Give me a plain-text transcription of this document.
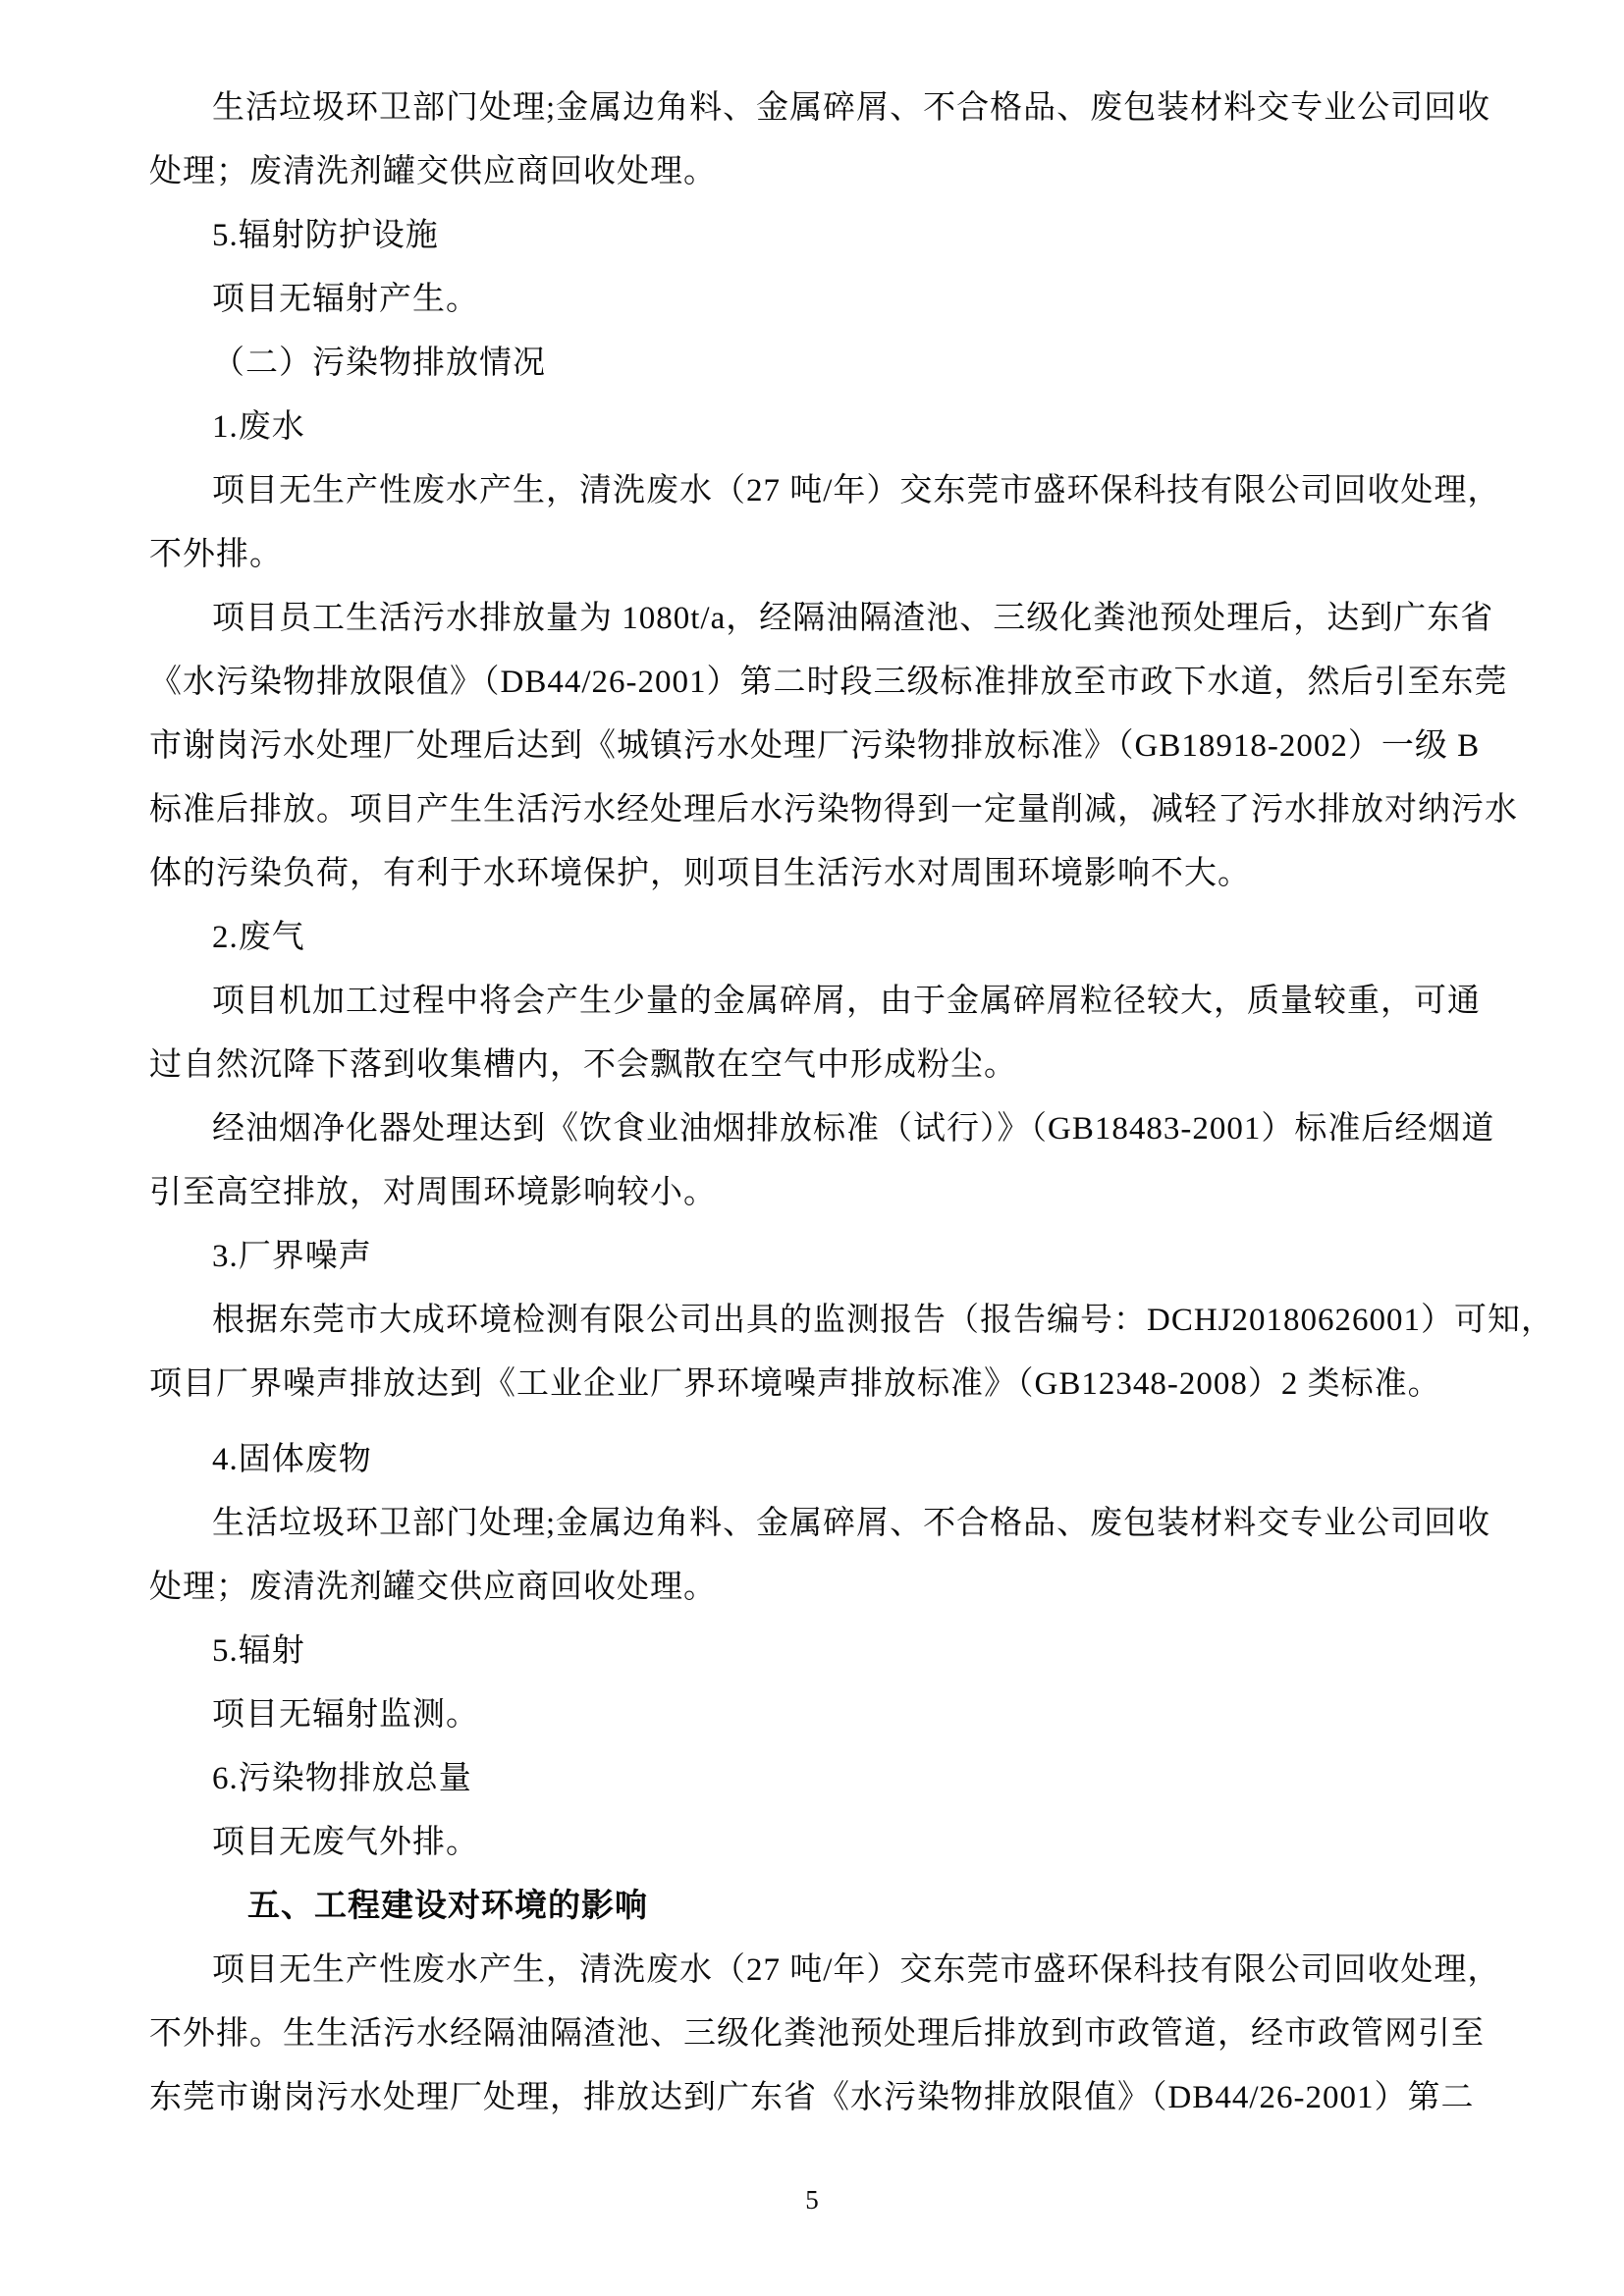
生活垃圾环卫部门处理;金属边角料、金属碎屑、不合格品、废包装材料交专业公司回收
处理；废清洗剂罐交供应商回收处理。
5.辐射防护设施
项目无辐射产生。
（二）污染物排放情况
1.废水
项目无生产性废水产生，清洗废水（27 吨/年）交东莞市盛环保科技有限公司回收处理，
不外排。
项目员工生活污水排放量为 1080t/a，经隔油隔渣池、三级化粪池预处理后，达到广东省
《水污染物排放限值》（DB44/26-2001）第二时段三级标准排放至市政下水道，然后引至东莞
市谢岗污水处理厂处理后达到《城镇污水处理厂污染物排放标准》（GB18918-2002）一级 B
标准后排放。项目产生生活污水经处理后水污染物得到一定量削减，减轻了污水排放对纳污水
体的污染负荷，有利于水环境保护，则项目生活污水对周围环境影响不大。
2.废气
项目机加工过程中将会产生少量的金属碎屑，由于金属碎屑粒径较大，质量较重，可通
过自然沉降下落到收集槽内，不会飘散在空气中形成粉尘。
经油烟净化器处理达到《饮食业油烟排放标准（试行）》（GB18483-2001）标准后经烟道
引至高空排放，对周围环境影响较小。
3.厂界噪声
根据东莞市大成环境检测有限公司出具的监测报告（报告编号：DCHJ20180626001）可知，
项目厂界噪声排放达到《工业企业厂界环境噪声排放标准》（GB12348-2008）2 类标准。
4.固体废物
生活垃圾环卫部门处理;金属边角料、金属碎屑、不合格品、废包装材料交专业公司回收
处理；废清洗剂罐交供应商回收处理。
5.辐射
项目无辐射监测。
6.污染物排放总量
项目无废气外排。
五、工程建设对环境的影响
项目无生产性废水产生，清洗废水（27 吨/年）交东莞市盛环保科技有限公司回收处理，
不外排。生生活污水经隔油隔渣池、三级化粪池预处理后排放到市政管道，经市政管网引至
东莞市谢岗污水处理厂处理，排放达到广东省《水污染物排放限值》（DB44/26-2001）第二
5
